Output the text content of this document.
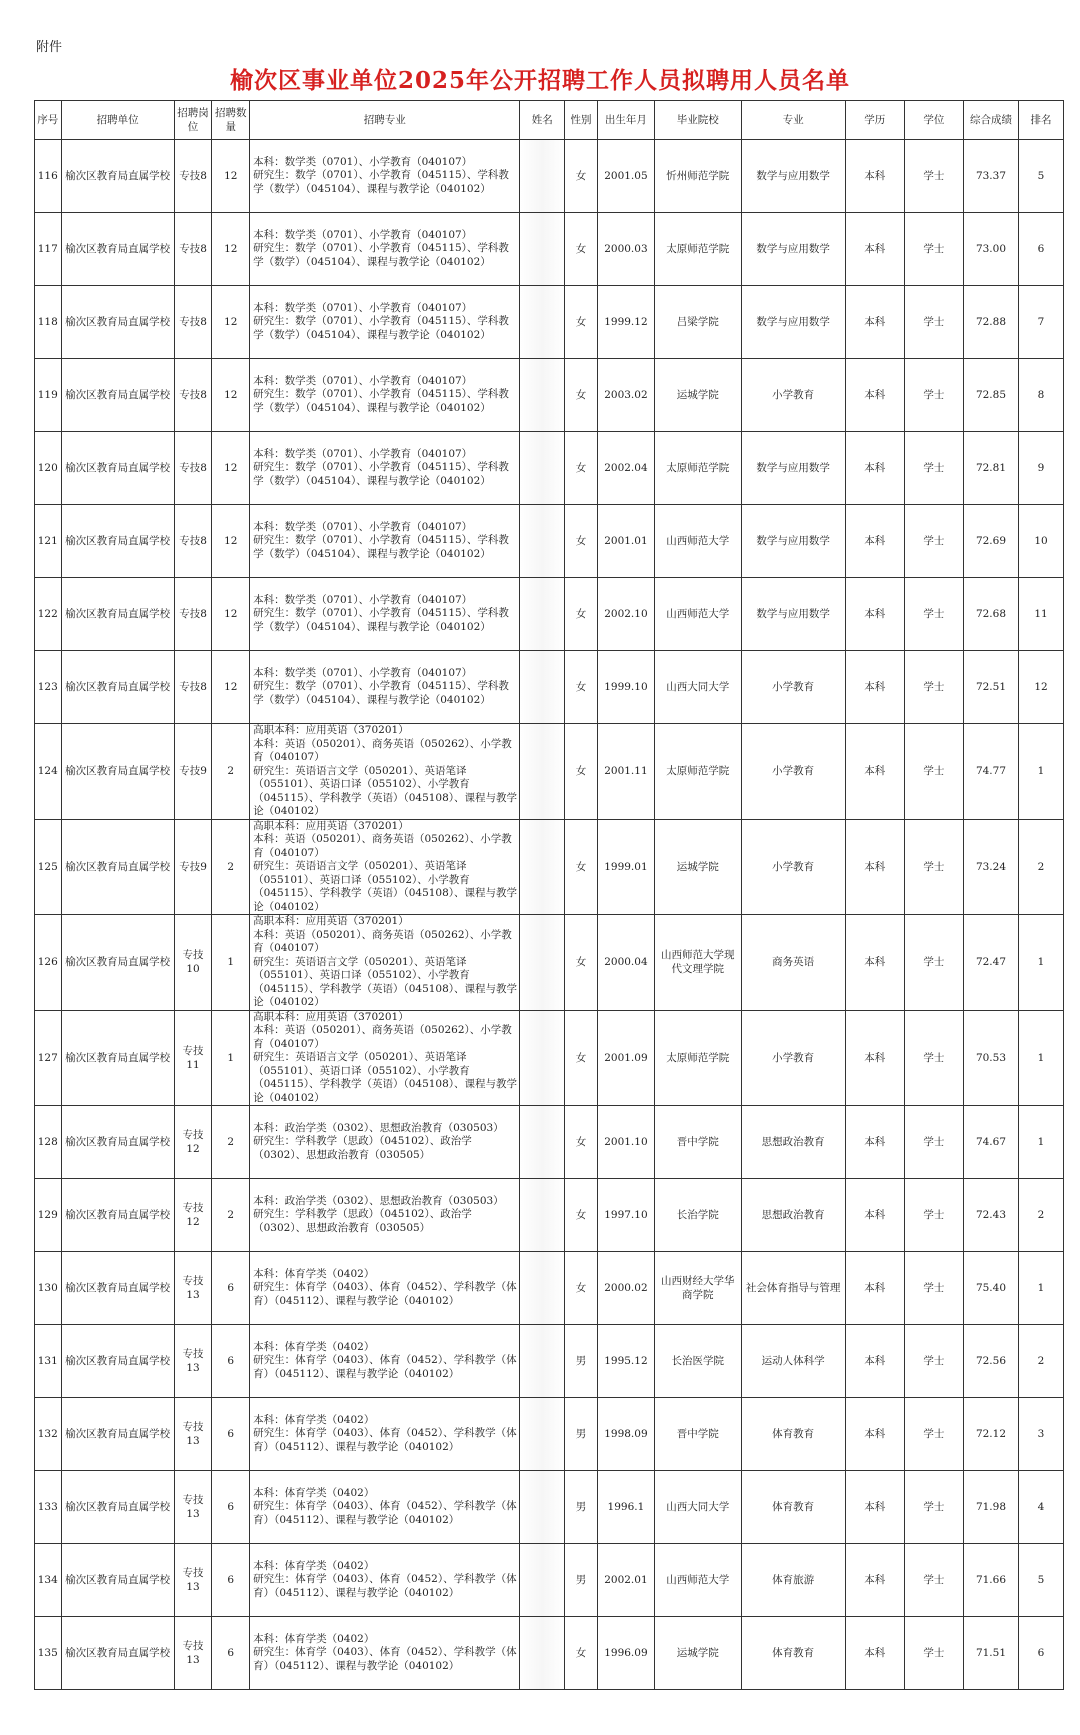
附件
榆次区事业单位2025年公开招聘工作人员拟聘用人员名单
序号	招聘单位	招聘岗位	招聘数量	招聘专业	姓名	性别	出生年月	毕业院校	专业	学历	学位	综合成绩	排名
116	榆次区教育局直属学校	专技8	12	本科：数学类（0701）、小学教育（040107）
研究生：数学（0701）、小学教育（045115）、学科教学（数学）（045104）、课程与教学论（040102）		女	2001.05	忻州师范学院	数学与应用数学	本科	学士	73.37	5
117	榆次区教育局直属学校	专技8	12	本科：数学类（0701）、小学教育（040107）
研究生：数学（0701）、小学教育（045115）、学科教学（数学）（045104）、课程与教学论（040102）		女	2000.03	太原师范学院	数学与应用数学	本科	学士	73.00	6
118	榆次区教育局直属学校	专技8	12	本科：数学类（0701）、小学教育（040107）
研究生：数学（0701）、小学教育（045115）、学科教学（数学）（045104）、课程与教学论（040102）		女	1999.12	吕梁学院	数学与应用数学	本科	学士	72.88	7
119	榆次区教育局直属学校	专技8	12	本科：数学类（0701）、小学教育（040107）
研究生：数学（0701）、小学教育（045115）、学科教学（数学）（045104）、课程与教学论（040102）		女	2003.02	运城学院	小学教育	本科	学士	72.85	8
120	榆次区教育局直属学校	专技8	12	本科：数学类（0701）、小学教育（040107）
研究生：数学（0701）、小学教育（045115）、学科教学（数学）（045104）、课程与教学论（040102）		女	2002.04	太原师范学院	数学与应用数学	本科	学士	72.81	9
121	榆次区教育局直属学校	专技8	12	本科：数学类（0701）、小学教育（040107）
研究生：数学（0701）、小学教育（045115）、学科教学（数学）（045104）、课程与教学论（040102）		女	2001.01	山西师范大学	数学与应用数学	本科	学士	72.69	10
122	榆次区教育局直属学校	专技8	12	本科：数学类（0701）、小学教育（040107）
研究生：数学（0701）、小学教育（045115）、学科教学（数学）（045104）、课程与教学论（040102）		女	2002.10	山西师范大学	数学与应用数学	本科	学士	72.68	11
123	榆次区教育局直属学校	专技8	12	本科：数学类（0701）、小学教育（040107）
研究生：数学（0701）、小学教育（045115）、学科教学（数学）（045104）、课程与教学论（040102）		女	1999.10	山西大同大学	小学教育	本科	学士	72.51	12
124	榆次区教育局直属学校	专技9	2	高职本科：应用英语（370201）
本科：英语（050201）、商务英语（050262）、小学教育（040107）
研究生：英语语言文学（050201）、英语笔译（055101）、英语口译（055102）、小学教育（045115）、学科教学（英语）（045108）、课程与教学论（040102）		女	2001.11	太原师范学院	小学教育	本科	学士	74.77	1
125	榆次区教育局直属学校	专技9	2	高职本科：应用英语（370201）
本科：英语（050201）、商务英语（050262）、小学教育（040107）
研究生：英语语言文学（050201）、英语笔译（055101）、英语口译（055102）、小学教育（045115）、学科教学（英语）（045108）、课程与教学论（040102）		女	1999.01	运城学院	小学教育	本科	学士	73.24	2
126	榆次区教育局直属学校	专技10	1	高职本科：应用英语（370201）
本科：英语（050201）、商务英语（050262）、小学教育（040107）
研究生：英语语言文学（050201）、英语笔译（055101）、英语口译（055102）、小学教育（045115）、学科教学（英语）（045108）、课程与教学论（040102）		女	2000.04	山西师范大学现代文理学院	商务英语	本科	学士	72.47	1
127	榆次区教育局直属学校	专技11	1	高职本科：应用英语（370201）
本科：英语（050201）、商务英语（050262）、小学教育（040107）
研究生：英语语言文学（050201）、英语笔译（055101）、英语口译（055102）、小学教育（045115）、学科教学（英语）（045108）、课程与教学论（040102）		女	2001.09	太原师范学院	小学教育	本科	学士	70.53	1
128	榆次区教育局直属学校	专技12	2	本科：政治学类（0302）、思想政治教育（030503）
研究生：学科教学（思政）（045102）、政治学（0302）、思想政治教育（030505）		女	2001.10	晋中学院	思想政治教育	本科	学士	74.67	1
129	榆次区教育局直属学校	专技12	2	本科：政治学类（0302）、思想政治教育（030503）
研究生：学科教学（思政）（045102）、政治学（0302）、思想政治教育（030505）		女	1997.10	长治学院	思想政治教育	本科	学士	72.43	2
130	榆次区教育局直属学校	专技13	6	本科：体育学类（0402）
研究生：体育学（0403）、体育（0452）、学科教学（体育）（045112）、课程与教学论（040102）		女	2000.02	山西财经大学华商学院	社会体育指导与管理	本科	学士	75.40	1
131	榆次区教育局直属学校	专技13	6	本科：体育学类（0402）
研究生：体育学（0403）、体育（0452）、学科教学（体育）（045112）、课程与教学论（040102）		男	1995.12	长治医学院	运动人体科学	本科	学士	72.56	2
132	榆次区教育局直属学校	专技13	6	本科：体育学类（0402）
研究生：体育学（0403）、体育（0452）、学科教学（体育）（045112）、课程与教学论（040102）		男	1998.09	晋中学院	体育教育	本科	学士	72.12	3
133	榆次区教育局直属学校	专技13	6	本科：体育学类（0402）
研究生：体育学（0403）、体育（0452）、学科教学（体育）（045112）、课程与教学论（040102）		男	1996.1	山西大同大学	体育教育	本科	学士	71.98	4
134	榆次区教育局直属学校	专技13	6	本科：体育学类（0402）
研究生：体育学（0403）、体育（0452）、学科教学（体育）（045112）、课程与教学论（040102）		男	2002.01	山西师范大学	体育旅游	本科	学士	71.66	5
135	榆次区教育局直属学校	专技13	6	本科：体育学类（0402）
研究生：体育学（0403）、体育（0452）、学科教学（体育）（045112）、课程与教学论（040102）		女	1996.09	运城学院	体育教育	本科	学士	71.51	6
